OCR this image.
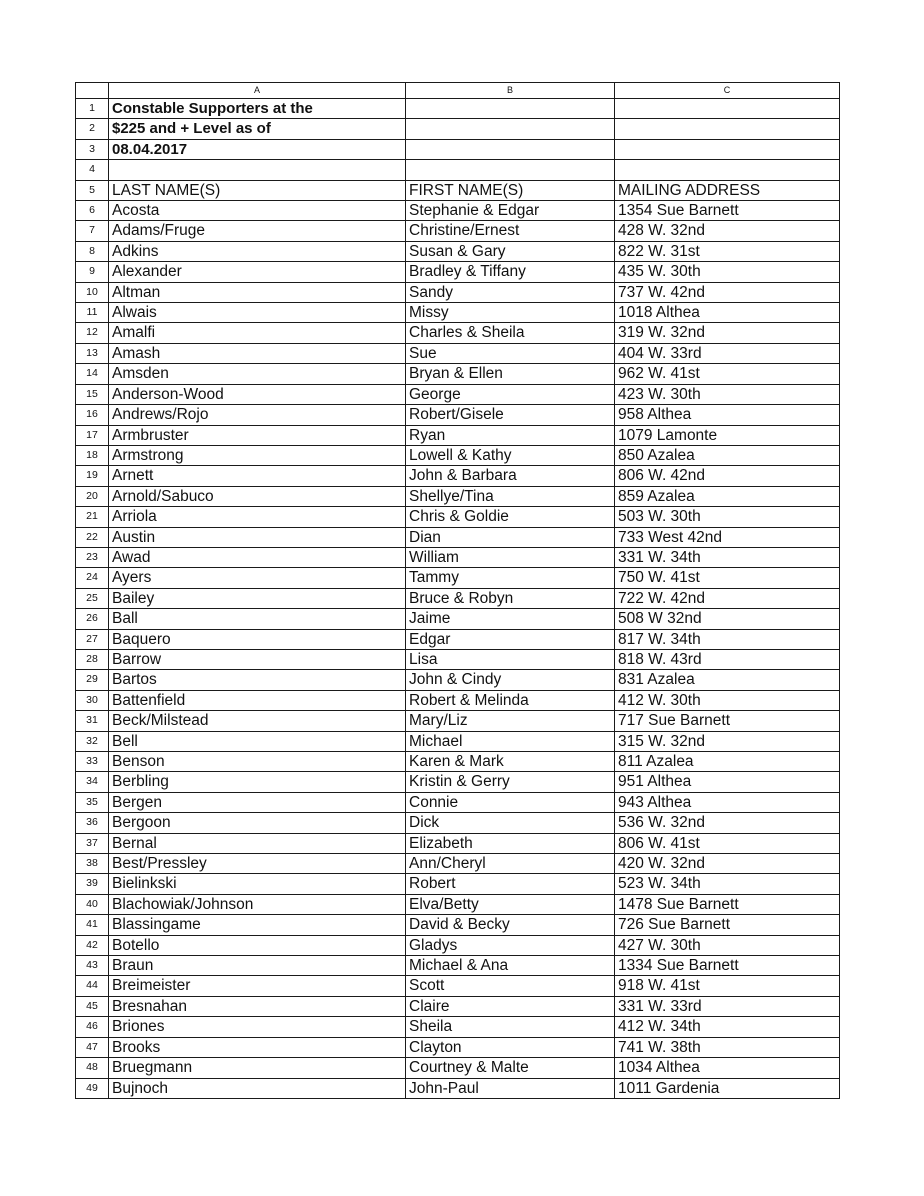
	A	B	C
1	Constable Supporters at the		
2	$225 and + Level as of		
3	08.04.2017		
4			
5	LAST NAME(S)	FIRST NAME(S)	MAILING ADDRESS
6	Acosta	Stephanie & Edgar	1354 Sue Barnett
7	Adams/Fruge	Christine/Ernest	428 W. 32nd
8	Adkins	Susan & Gary	822 W. 31st
9	Alexander	Bradley & Tiffany	435 W. 30th
10	Altman	Sandy	737 W. 42nd
11	Alwais	Missy	1018 Althea
12	Amalfi	Charles & Sheila	319 W. 32nd
13	Amash	Sue	404 W. 33rd
14	Amsden	Bryan & Ellen	962 W. 41st
15	Anderson-Wood	George	423 W. 30th
16	Andrews/Rojo	Robert/Gisele	958 Althea
17	Armbruster	Ryan	1079 Lamonte
18	Armstrong	Lowell & Kathy	850 Azalea
19	Arnett	John & Barbara	806 W. 42nd
20	Arnold/Sabuco	Shellye/Tina	859 Azalea
21	Arriola	Chris & Goldie	503 W. 30th
22	Austin	Dian	733 West 42nd
23	Awad	William	331 W. 34th
24	Ayers	Tammy	750 W. 41st
25	Bailey	Bruce & Robyn	722 W. 42nd
26	Ball	Jaime	508 W 32nd
27	Baquero	Edgar	817 W. 34th
28	Barrow	Lisa	818 W. 43rd
29	Bartos	John & Cindy	831 Azalea
30	Battenfield	Robert & Melinda	412 W. 30th
31	Beck/Milstead	Mary/Liz	717 Sue Barnett
32	Bell	Michael	315 W. 32nd
33	Benson	Karen & Mark	811 Azalea
34	Berbling	Kristin & Gerry	951 Althea
35	Bergen	Connie	943 Althea
36	Bergoon	Dick	536 W. 32nd
37	Bernal	Elizabeth	806 W. 41st
38	Best/Pressley	Ann/Cheryl	420 W. 32nd
39	Bielinkski	Robert	523 W. 34th
40	Blachowiak/Johnson	Elva/Betty	1478 Sue Barnett
41	Blassingame	David & Becky	726 Sue Barnett
42	Botello	Gladys	427 W. 30th
43	Braun	Michael & Ana	1334 Sue Barnett
44	Breimeister	Scott	918 W. 41st
45	Bresnahan	Claire	331 W. 33rd
46	Briones	Sheila	412 W. 34th
47	Brooks	Clayton	741 W. 38th
48	Bruegmann	Courtney & Malte	1034 Althea
49	Bujnoch	John-Paul	1011 Gardenia
